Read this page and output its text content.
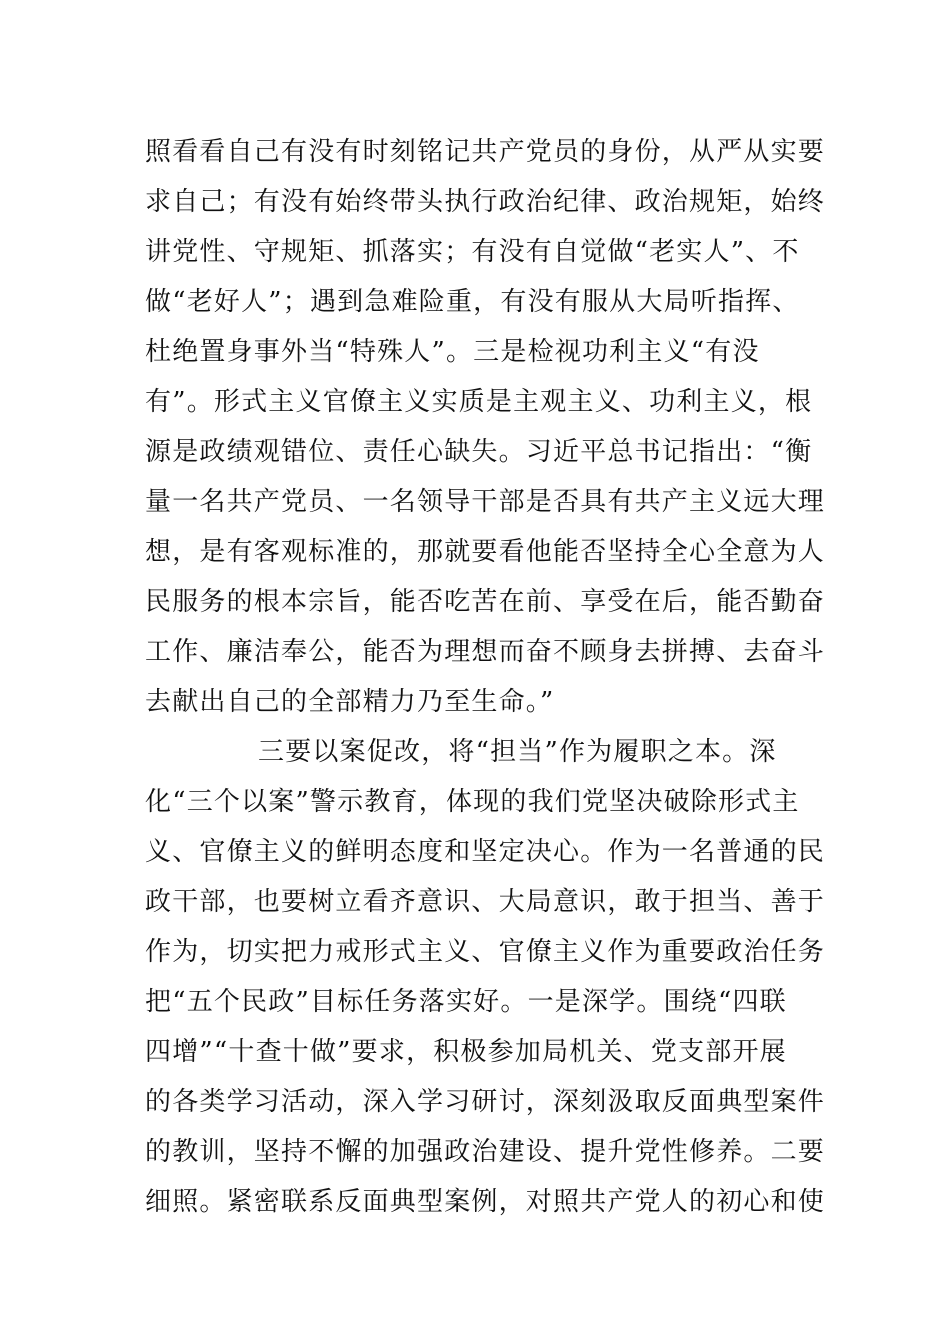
照看看自己有没有时刻铭记共产党员的身份，从严从实要
求自己；有没有始终带头执行政治纪律、政治规矩，始终
讲党性、守规矩、抓落实；有没有自觉做“老实人”、不
做“老好人”；遇到急难险重，有没有服从大局听指挥、
杜绝置身事外当“特殊人”。三是检视功利主义“有没
有”。形式主义官僚主义实质是主观主义、功利主义，根
源是政绩观错位、责任心缺失。习近平总书记指出：“衡
量一名共产党员、一名领导干部是否具有共产主义远大理
想，是有客观标准的，那就要看他能否坚持全心全意为人
民服务的根本宗旨，能否吃苦在前、享受在后，能否勤奋
工作、廉洁奉公，能否为理想而奋不顾身去拼搏、去奋斗
去献出自己的全部精力乃至生命。”
三要以案促改，将“担当”作为履职之本。深
化“三个以案”警示教育，体现的我们党坚决破除形式主
义、官僚主义的鲜明态度和坚定决心。作为一名普通的民
政干部，也要树立看齐意识、大局意识，敢于担当、善于
作为，切实把力戒形式主义、官僚主义作为重要政治任务
把“五个民政”目标任务落实好。一是深学。围绕“四联
四增”“十查十做”要求，积极参加局机关、党支部开展
的各类学习活动，深入学习研讨，深刻汲取反面典型案件
的教训，坚持不懈的加强政治建设、提升党性修养。二要
细照。紧密联系反面典型案例，对照共产党人的初心和使
